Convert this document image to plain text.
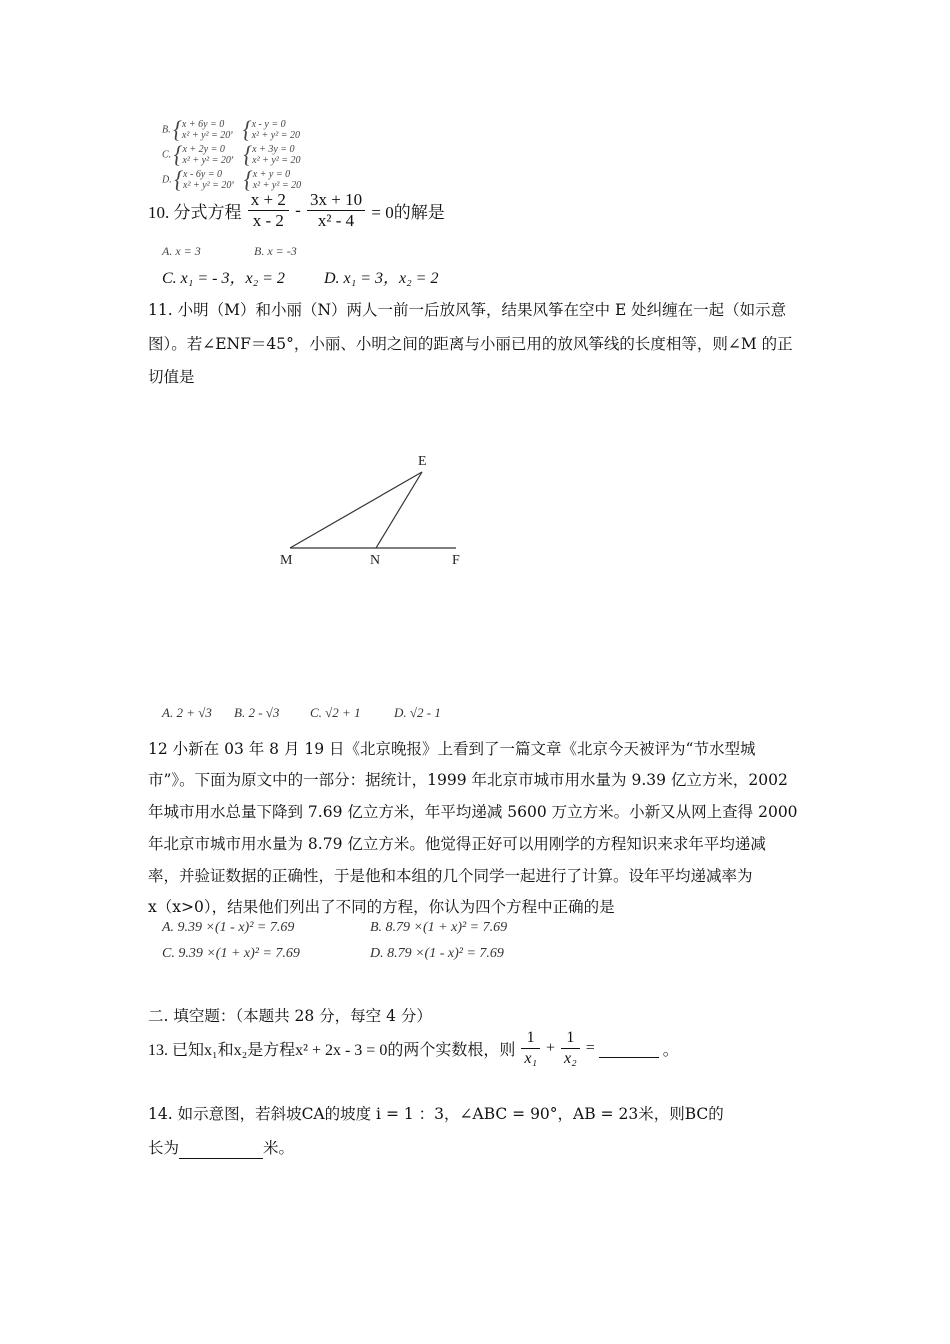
B. {x + 6y = 0
x² + y² = 20， {x - y = 0
x² + y² = 20
C. {x + 2y = 0
x² + y² = 20， {x + 3y = 0
x² + y² = 20
D. {x - 6y = 0
x² + y² = 20， {x + y = 0
x² + y² = 20
10. 分式方程 $\frac{x + 2}{x - 2} - \frac{3x + 10}{\text{x² - 4}} = 0$的解是
A. x = 3	B. x = -3
C. x₁ = - 3，x₂ = 2 D. x₁ = 3，x₂ = 2
11. 小明（M）和小丽（N）两人一前一后放风筝，结果风筝在空中 E 处纠缠在一起（如示意
图）。若∠ENF＝45°，小丽、小明之间的距离与小丽已用的放风筝线的长度相等，则∠M 的正
切值是
E
M	N	F
A. 2 + √3 B. 2 - √3 C. √2 + 1	D. √2 - 1
12 小新在 03 年 8 月 19 日《北京晚报》上看到了一篇文章《北京今天被评为“节水型城
市”》。下面为原文中的一部分：据统计，1999 年北京市城市用水量为 9.39 亿立方米，2002
年城市用水总量下降到 7.69 亿立方米，年平均递减 5600 万立方米。小新又从网上查得 2000
年北京市城市用水量为 8.79 亿立方米。他觉得正好可以用刚学的方程知识来求年平均递减
率，并验证数据的正确性，于是他和本组的几个同学一起进行了计算。设年平均递减率为
x（x>0），结果他们列出了不同的方程，你认为四个方程中正确的是
A. 9.39 ×(1 - x)² = 7.69	B. 8.79 ×(1 + x)² = 7.69
C. 9.39 ×(1 + x)² = 7.69	D. 8.79 ×(1 - x)² = 7.69
二. 填空题：（本题共 28 分，每空 4 分）
13. 已知x₁和x₂是方程x² + 2x - 3 = 0的两个实数根，则 $\frac{1}{\text{x₁}} + \frac{1}{\text{x₂}}$ =	。
14. 如示意图，若斜坡CA的坡度 i = 1 ：3，∠ABC = 90°，AB = 23米，则BC的
长为	米。
